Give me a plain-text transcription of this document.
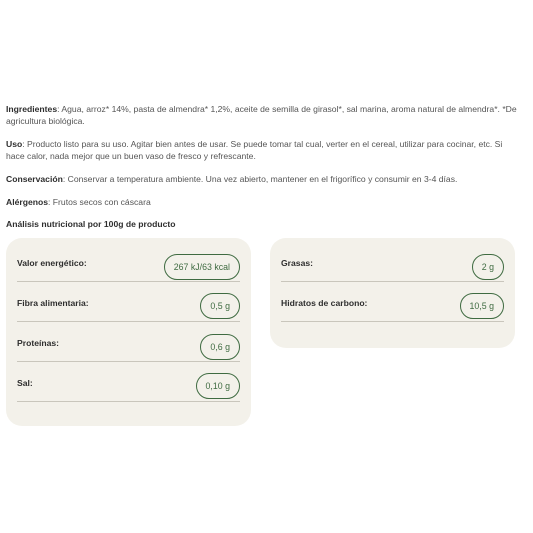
Ingredientes: Agua, arroz* 14%, pasta de almendra* 1,2%, aceite de semilla de girasol*, sal marina, aroma natural de almendra*. *De agricultura biológica.
Uso: Producto listo para su uso. Agitar bien antes de usar. Se puede tomar tal cual, verter en el cereal, utilizar para cocinar, etc. Si hace calor, nada mejor que un buen vaso de fresco y refrescante.
Conservación: Conservar a temperatura ambiente. Una vez abierto, mantener en el frigorífico y consumir en 3-4 días.
Alérgenos: Frutos secos con cáscara
Análisis nutricional por 100g de producto
Valor energético:	267 kJ/63 kcal
Fibra alimentaria:	0,5 g
Proteínas:	0,6 g
Sal:	0,10 g
Grasas:	2 g
Hidratos de carbono:	10,5 g
